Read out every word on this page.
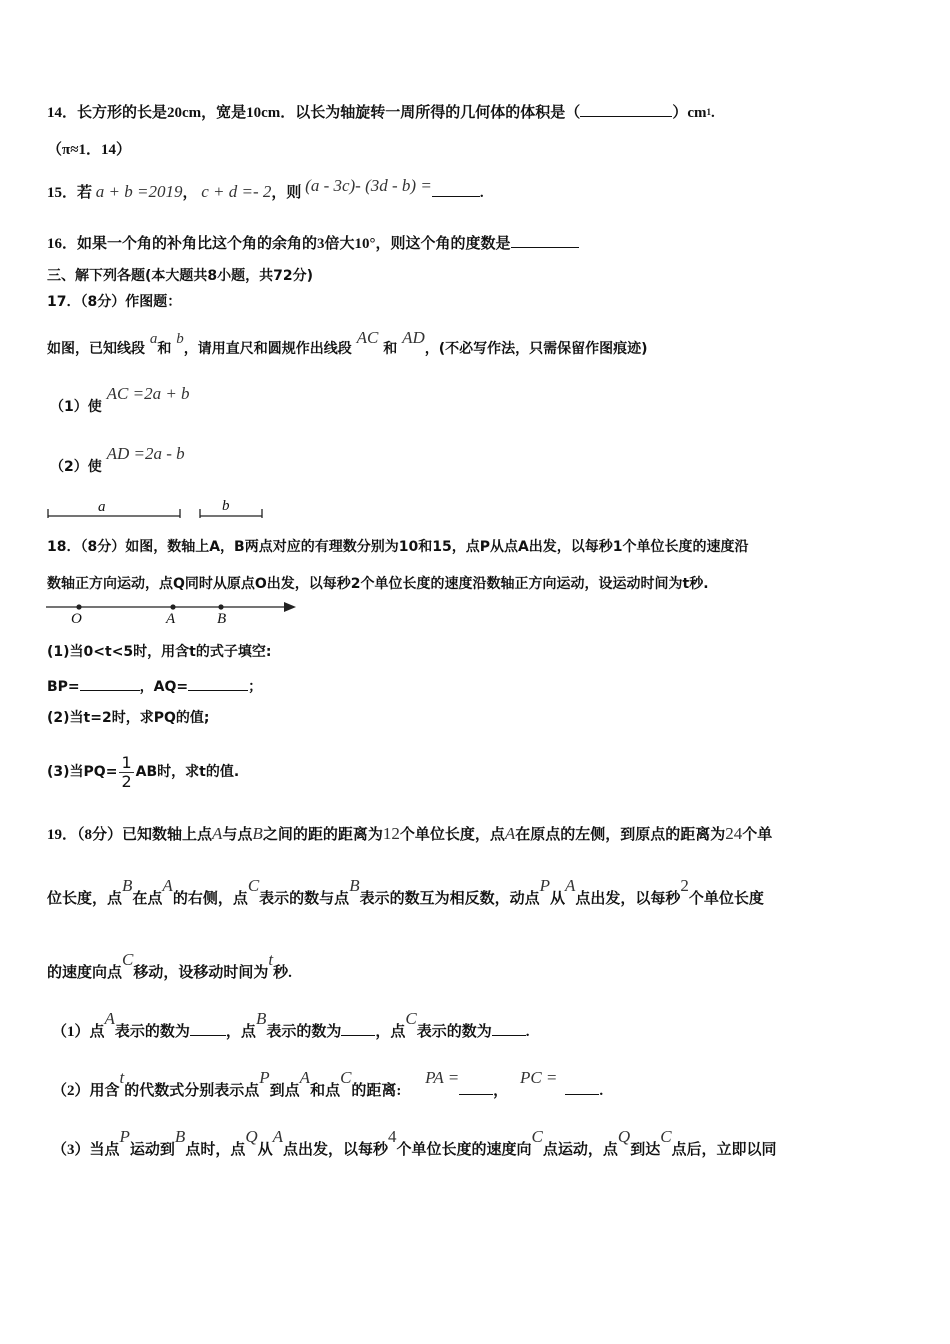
14．长方形的长是20cm，宽是10cm．以长为轴旋转一周所得的几何体的体积是（	）$cm^1$.
（π≈1．14）
15．若 a + b =2019， c + d =- 2，则 (a - 3c)- (3d - b) =	.
16．如果一个角的补角比这个角的余角的3倍大10°，则这个角的度数是
三、解下列各题(本大题共8小题，共72分)
17．（8分）作图题：
如图，已知线段 a和 b，请用直尺和圆规作出线段 AC 和 AD，(不必写作法，只需保留作图痕迹)
（1）使 AC =2a + b
（2）使 AD =2a - b
a	b
18．（8分）如图，数轴上A，B两点对应的有理数分别为10和15，点P从点A出发，以每秒1个单位长度的速度沿
数轴正方向运动，点Q同时从原点O出发，以每秒2个单位长度的速度沿数轴正方向运动，设运动时间为t秒.
O	A	B
(1)当0<t<5时，用含t的式子填空:
BP=	，AQ=	；
(2)当t=2时，求PQ的值;
(3)当$PQ= \frac{1}{2}$ AB时，求t的值.
19．（8分）已知数轴上点A与点B之间的距的距离为12个单位长度，点A在原点的左侧，到原点的距离为24个单
位长度，点B在点A的右侧，点C表示的数与点B表示的数互为相反数，动点P从A点出发，以每秒2个单位长度
的速度向点C移动，设移动时间为t秒.
（1）点A表示的数为 ，点B表示的数为 ，点C表示的数为 .
（2）用含t的代数式分别表示点P到点A和点C的距离: PA =， PC =.
（3）当点P运动到B点时，点Q从A点出发，以每秒4个单位长度的速度向C点运动，点Q到达C点后，立即以同
